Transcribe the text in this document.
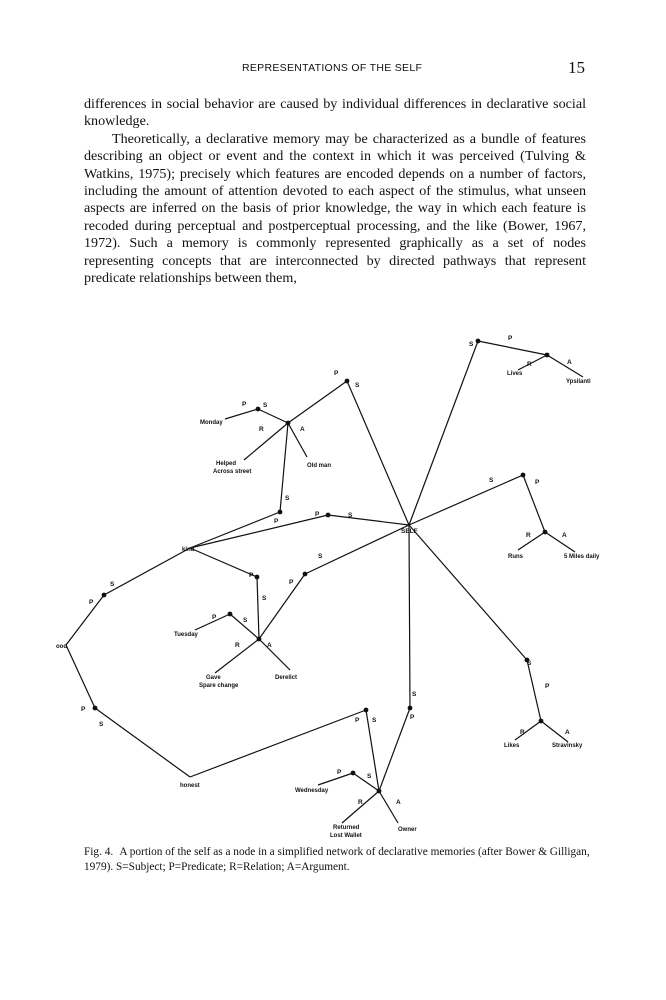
REPRESENTATIONS OF THE SELF	15

differences in social behavior are caused by individual differences in declarative social knowledge.

Theoretically, a declarative memory may be characterized as a bundle of features describing an object or event and the context in which it was perceived (Tulving & Watkins, 1975); precisely which features are encoded depends on a number of factors, including the amount of attention devoted to each aspect of the stimulus, what unseen aspects are inferred on the basis of prior knowledge, the way in which each feature is recoded during perceptual and postperceptual processing, and the like (Bower, 1967, 1972). Such a memory is commonly represented graphically as a set of nodes representing concepts that are interconnected by directed pathways that represent predicate relationships between them,

S
P
S
P
R	A
P	S
R	A
S
P
P	S
S	P
R	A
S
P
S
P
S
P
P	S
R	A
S
P
R	A
S
P
P
S
P S
P
S
R	A
SELF
Monday
Old man
Helped
Across street
kind
ood
Tuesday
Gave
Spare change
Derelict
honest
Wednesday
Returned
Lost Wallet
Owner
Lives
Ypsilanti
Runs	5 Miles daily
Likes	Stravinsky
Fig. 4. A portion of the self as a node in a simplified network of declarative memories (after Bower & Gilligan, 1979). S=Subject; P=Predicate; R=Relation; A=Argument.
